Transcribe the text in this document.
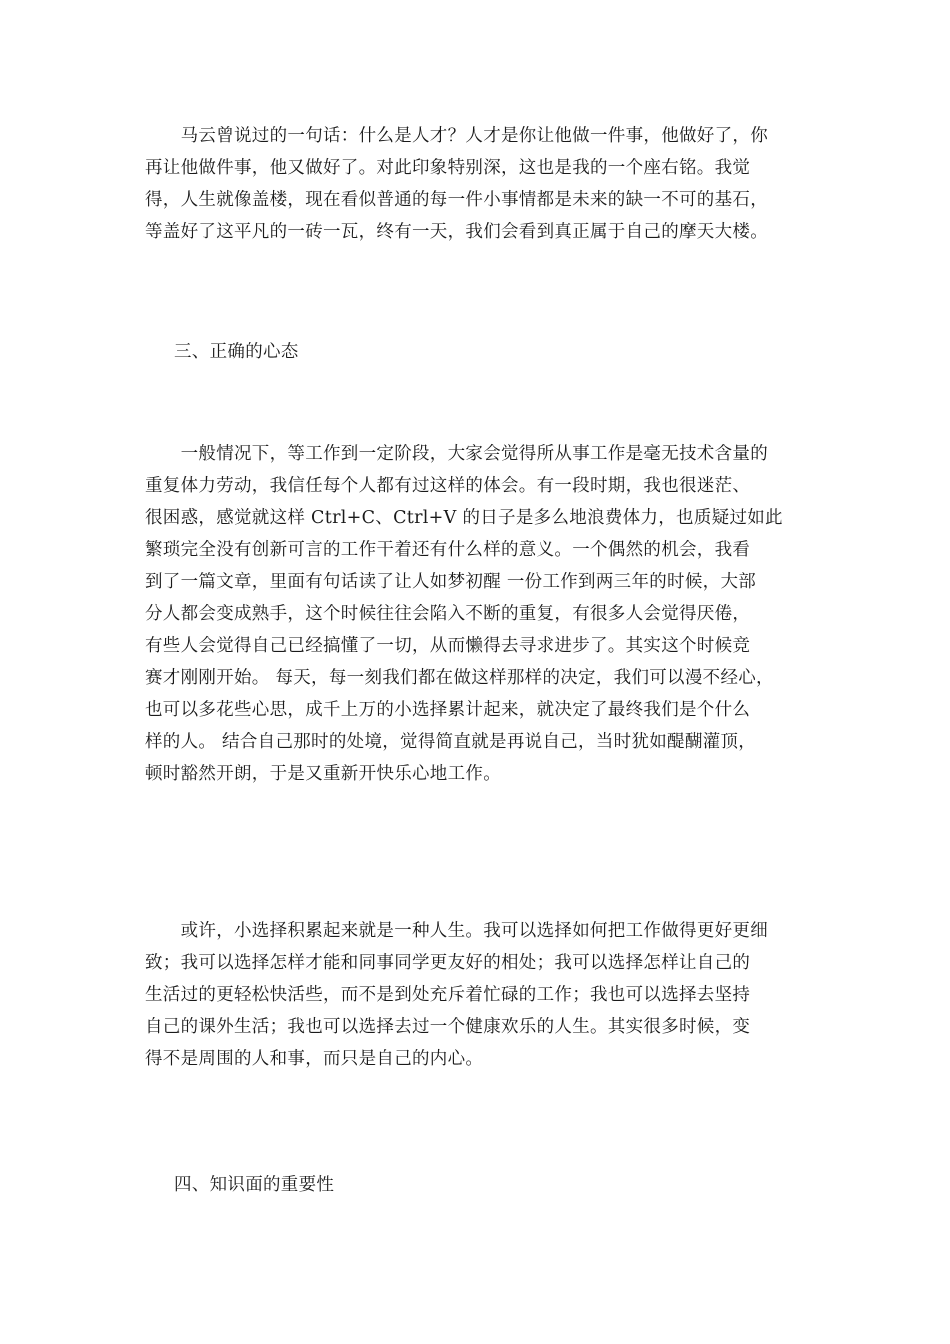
　　马云曾说过的一句话：什么是人才？人才是你让他做一件事，他做好了，你
再让他做件事，他又做好了。对此印象特别深，这也是我的一个座右铭。我觉
得，人生就像盖楼，现在看似普通的每一件小事情都是未来的缺一不可的基石，
等盖好了这平凡的一砖一瓦，终有一天，我们会看到真正属于自己的摩天大楼。
三、正确的心态
　　一般情况下，等工作到一定阶段，大家会觉得所从事工作是毫无技术含量的
重复体力劳动，我信任每个人都有过这样的体会。有一段时期，我也很迷茫、
很困惑，感觉就这样 Ctrl+C、Ctrl+V 的日子是多么地浪费体力，也质疑过如此
繁琐完全没有创新可言的工作干着还有什么样的意义。一个偶然的机会，我看
到了一篇文章，里面有句话读了让人如梦初醒 一份工作到两三年的时候，大部
分人都会变成熟手，这个时候往往会陷入不断的重复，有很多人会觉得厌倦，
有些人会觉得自己已经搞懂了一切，从而懒得去寻求进步了。其实这个时候竞
赛才刚刚开始。 每天，每一刻我们都在做这样那样的决定，我们可以漫不经心，
也可以多花些心思，成千上万的小选择累计起来，就决定了最终我们是个什么
样的人。 结合自己那时的处境，觉得简直就是再说自己，当时犹如醍醐灌顶，
顿时豁然开朗，于是又重新开快乐心地工作。
　　或许，小选择积累起来就是一种人生。我可以选择如何把工作做得更好更细
致；我可以选择怎样才能和同事同学更友好的相处；我可以选择怎样让自己的
生活过的更轻松快活些，而不是到处充斥着忙碌的工作；我也可以选择去坚持
自己的课外生活；我也可以选择去过一个健康欢乐的人生。其实很多时候，变
得不是周围的人和事，而只是自己的内心。
四、知识面的重要性
